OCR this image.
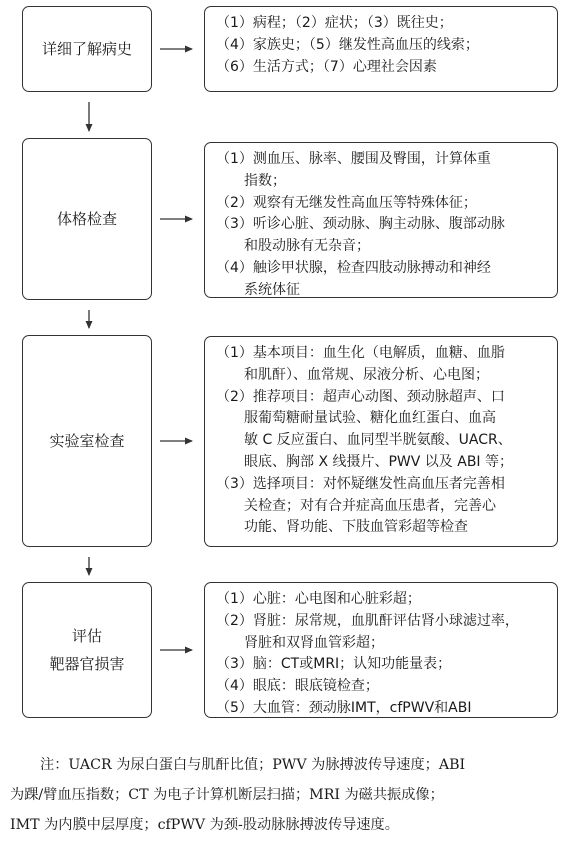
详细了解病史
（1）病程；（2）症状；（3）既往史；
（4）家族史；（5）继发性高血压的线索；
（6）生活方式；（7）心理社会因素
体格检查
（1）测血压、脉率、腰围及臀围，计算体重
指数；
（2）观察有无继发性高血压等特殊体征；
（3）听诊心脏、颈动脉、胸主动脉、腹部动脉
和股动脉有无杂音；
（4）触诊甲状腺，检查四肢动脉搏动和神经
系统体征
实验室检查
（1）基本项目：血生化（电解质，血糖、血脂
和肌酐）、血常规、尿液分析、心电图；
（2）推荐项目：超声心动图、颈动脉超声、口
服葡萄糖耐量试验、糖化血红蛋白、血高
敏 C 反应蛋白、血同型半胱氨酸、UACR、
眼底、胸部 X 线摄片、PWV 以及 ABI 等；
（3）选择项目：对怀疑继发性高血压者完善相
关检查；对有合并症高血压患者，完善心
功能、肾功能、下肢血管彩超等检查
评估
靶器官损害
（1）心脏：心电图和心脏彩超；
（2）肾脏：尿常规，血肌酐评估肾小球滤过率，
肾脏和双肾血管彩超；
（3）脑：CT或MRI；认知功能量表；
（4）眼底：眼底镜检查；
（5）大血管：颈动脉IMT，cfPWV和ABI

注：UACR 为尿白蛋白与肌酐比值；PWV 为脉搏波传导速度；ABI

为踝/臂血压指数；CT 为电子计算机断层扫描；MRI 为磁共振成像；

IMT 为内膜中层厚度；cfPWV 为颈-股动脉脉搏波传导速度。
